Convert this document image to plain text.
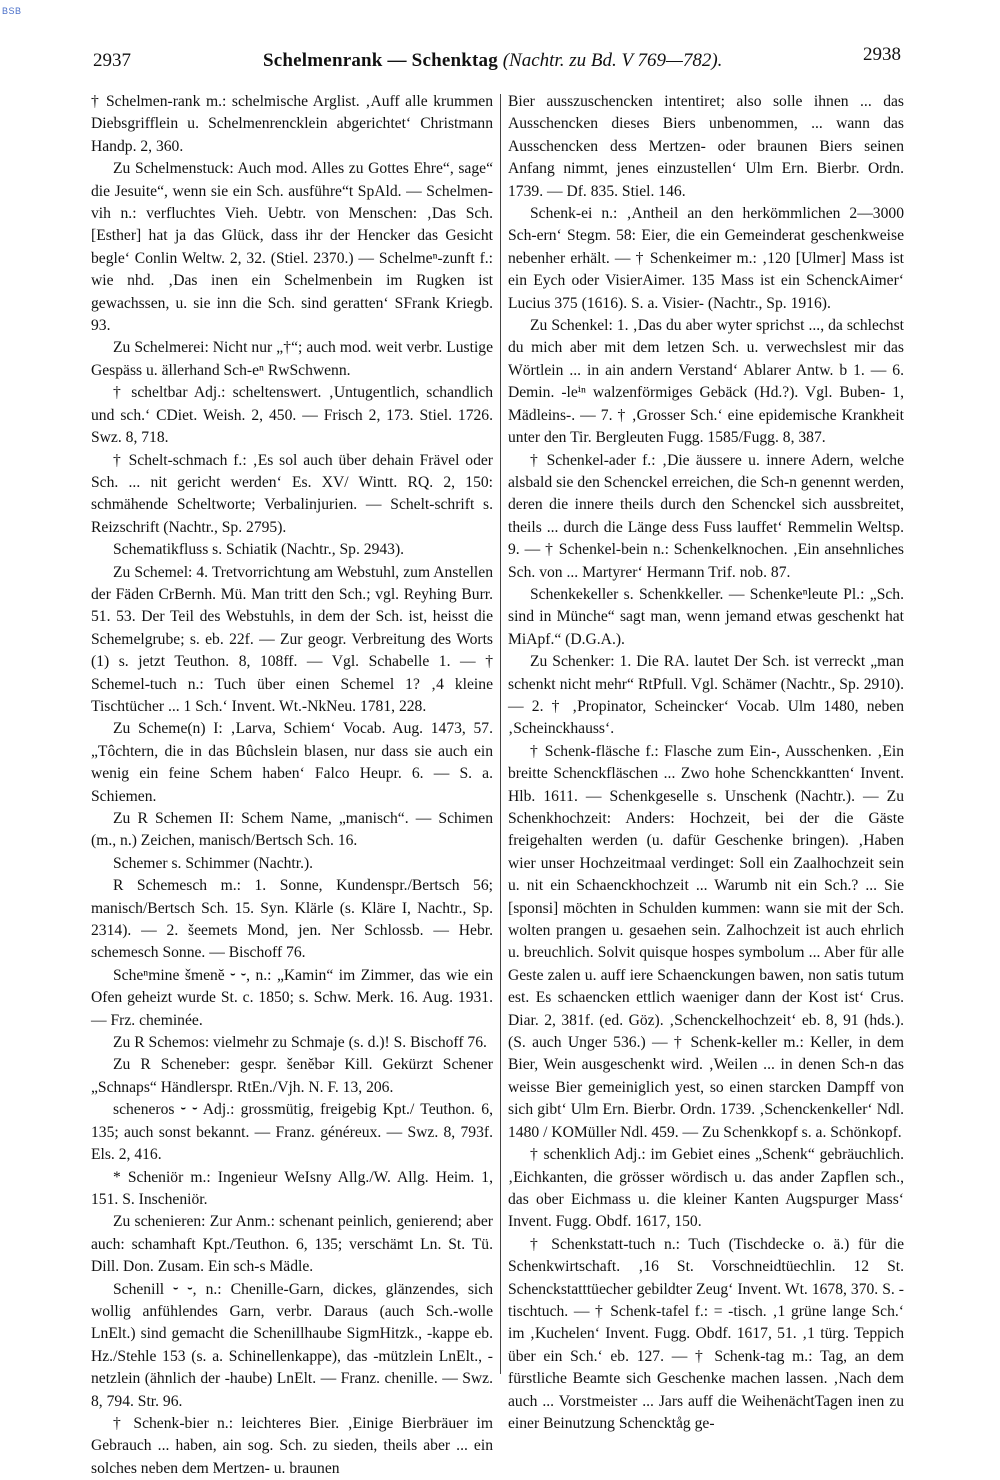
BSB
2937	Schelmenrank — Schenktag (Nachtr. zu Bd. V 769—782).	2938

† Schelmen-rank m.: schelmische Arglist. ‚Auff alle krummen Diebsgrifflein u. Schelmenrencklein abgerichtet‘ Christmann Handp. 2, 360.

Zu Schelmenstuck: Auch mod. Alles zu Gottes Ehre“, sage“ die Jesuite“, wenn sie ein Sch. ausführe“t SpAld. — Schelmen-vih n.: verfluchtes Vieh. Uebtr. von Menschen: ‚Das Sch. [Esther] hat ja das Glück, dass ihr der Hencker das Gesicht begle‘ Conlin Weltw. 2, 32. (Stiel. 2370.) — Schelmeⁿ-zunft f.: wie nhd. ‚Das inen ein Schelmenbein im Rugken ist gewachssen, u. sie inn die Sch. sind geratten‘ SFrank Kriegb. 93.

Zu Schelmerei: Nicht nur „†“; auch mod. weit verbr. Lustige Gespäss u. ällerhand Sch-eⁿ RwSchwenn.

† scheltbar Adj.: scheltenswert. ‚Untugentlich, schandlich und sch.‘ CDiet. Weish. 2, 450. — Frisch 2, 173. Stiel. 1726. Swz. 8, 718.

† Schelt-schmach f.: ‚Es sol auch über dehain Frävel oder Sch. ... nit gericht werden‘ Es. XV/ Wintt. RQ. 2, 150: schmähende Scheltworte; Verbalinjurien. — Schelt-schrift s. Reizschrift (Nachtr., Sp. 2795).

Schematikfluss s. Schiatik (Nachtr., Sp. 2943).

Zu Schemel: 4. Tretvorrichtung am Webstuhl, zum Anstellen der Fäden CrBernh. Mü. Man tritt den Sch.; vgl. Reyhing Burr. 51. 53. Der Teil des Webstuhls, in dem der Sch. ist, heisst die Schemelgrube; s. eb. 22f. — Zur geogr. Verbreitung des Worts (1) s. jetzt Teuthon. 8, 108ff. — Vgl. Schabelle 1. — † Schemel-tuch n.: Tuch über einen Schemel 1? ‚4 kleine Tischtücher ... 1 Sch.‘ Invent. Wt.-NkNeu. 1781, 228.

Zu Scheme(n) I: ‚Larva, Schiem‘ Vocab. Aug. 1473, 57. „Tôchtern, die in das Bûchslein blasen, nur dass sie auch ein wenig ein feine Schem haben‘ Falco Heupr. 6. — S. a. Schiemen.

Zu R Schemen II: Schem Name, „manisch“. — Schimen (m., n.) Zeichen, manisch/Bertsch Sch. 16.

Schemer s. Schimmer (Nachtr.).

R Schemesch m.: 1. Sonne, Kundenspr./Bertsch 56; manisch/Bertsch Sch. 15. Syn. Klärle (s. Kläre I, Nachtr., Sp. 2314). — 2. šeemets Mond, jen. Ner Schlossb. — Hebr. schemesch Sonne. — Bischoff 76.

Scheⁿmine šmenĕ ⏑ ⏑, n.: „Kamin“ im Zimmer, das wie ein Ofen geheizt wurde St. c. 1850; s. Schw. Merk. 16. Aug. 1931. — Frz. cheminée.

Zu R Schemos: vielmehr zu Schmaje (s. d.)! S. Bischoff 76.

Zu R Scheneber: gespr. šenĕbər Kill. Gekürzt Schener „Schnaps“ Händlerspr. RtEn./Vjh. N. F. 13, 206.

scheneros ⏑ ⏑ Adj.: grossmütig, freigebig Kpt./ Teuthon. 6, 135; auch sonst bekannt. — Franz. généreux. — Swz. 8, 793f. Els. 2, 416.

* Scheniör m.: Ingenieur WeIsny Allg./W. Allg. Heim. 1, 151. S. Inscheniör.

Zu schenieren: Zur Anm.: schenant peinlich, genierend; aber auch: schamhaft Kpt./Teuthon. 6, 135; verschämt Ln. St. Tü. Dill. Don. Zusam. Ein sch-s Mädle.

Schenill ⏑ ⏑, n.: Chenille-Garn, dickes, glänzendes, sich wollig anfühlendes Garn, verbr. Daraus (auch Sch.-wolle LnElt.) sind gemacht die Schenillhaube SigmHitzk., -kappe eb. Hz./Stehle 153 (s. a. Schinellenkappe), das -mützlein LnElt., -netzlein (ähnlich der -haube) LnElt. — Franz. chenille. — Swz. 8, 794. Str. 96.

† Schenk-bier n.: leichteres Bier. ‚Einige Bierbräuer im Gebrauch ... haben, ain sog. Sch. zu sieden, theils aber ... ein solches neben dem Mertzen- u. braunen

Bier ausszuschencken intentiret; also solle ihnen ... das Ausschencken dieses Biers unbenommen, ... wann das Ausschencken dess Mertzen- oder braunen Biers seinen Anfang nimmt, jenes einzustellen‘ Ulm Ern. Bierbr. Ordn. 1739. — Df. 835. Stiel. 146.

Schenk-ei n.: ‚Antheil an den herkömmlichen 2—3000 Sch-ern‘ Stegm. 58: Eier, die ein Gemeinderat geschenkweise nebenher erhält. — † Schenkeimer m.: ‚120 [Ulmer] Mass ist ein Eych oder VisierAimer. 135 Mass ist ein SchenckAimer‘ Lucius 375 (1616). S. a. Visier- (Nachtr., Sp. 1916).

Zu Schenkel: 1. ‚Das du aber wyter sprichst ..., da schlechst du mich aber mit dem letzen Sch. u. verwechslest mir das Wörtlein ... in ain andern Verstand‘ Ablarer Antw. b 1. — 6. Demin. -leⁱⁿ walzenförmiges Gebäck (Hd.?). Vgl. Buben- 1, Mädleins-. — 7. † ‚Grosser Sch.‘ eine epidemische Krankheit unter den Tir. Bergleuten Fugg. 1585/Fugg. 8, 387.

† Schenkel-ader f.: ‚Die äussere u. innere Adern, welche alsbald sie den Schenckel erreichen, die Sch-n genennt werden, deren die innere theils durch den Schenckel sich aussbreitet, theils ... durch die Länge dess Fuss lauffet‘ Remmelin Weltsp. 9. — † Schenkel-bein n.: Schenkelknochen. ‚Ein ansehnliches Sch. von ... Martyrer‘ Hermann Trif. nob. 87.

Schenkekeller s. Schenkkeller. — Schenkeⁿleute Pl.: „Sch. sind in Münche“ sagt man, wenn jemand etwas geschenkt hat MiApf.“ (D.G.A.).

Zu Schenker: 1. Die RA. lautet Der Sch. ist verreckt „man schenkt nicht mehr“ RtPfull. Vgl. Schämer (Nachtr., Sp. 2910). — 2. † ‚Propinator, Scheincker‘ Vocab. Ulm 1480, neben ‚Scheinckhauss‘.

† Schenk-fläsche f.: Flasche zum Ein-, Ausschenken. ‚Ein breitte Schenckfläschen ... Zwo hohe Schenckkantten‘ Invent. Hlb. 1611. — Schenkgeselle s. Unschenk (Nachtr.). — Zu Schenkhochzeit: Anders: Hochzeit, bei der die Gäste freigehalten werden (u. dafür Geschenke bringen). ‚Haben wier unser Hochzeitmaal verdinget: Soll ein Zaalhochzeit sein u. nit ein Schaenckhochzeit ... Warumb nit ein Sch.? ... Sie [sponsi] möchten in Schulden kummen: wann sie mit der Sch. wolten prangen u. gesaehen sein. Zalhochzeit ist auch ehrlich u. breuchlich. Solvit quisque hospes symbolum ... Aber für alle Geste zalen u. auff iere Schaenckungen bawen, non satis tutum est. Es schaencken ettlich waeniger dann der Kost ist‘ Crus. Diar. 2, 381f. (ed. Göz). ‚Schenckelhochzeit‘ eb. 8, 91 (hds.). (S. auch Unger 536.) — † Schenk-keller m.: Keller, in dem Bier, Wein ausgeschenkt wird. ‚Weilen ... in denen Sch-n das weisse Bier gemeiniglich yest, so einen starcken Dampff von sich gibt‘ Ulm Ern. Bierbr. Ordn. 1739. ‚Schenckenkeller‘ Ndl. 1480 / KOMüller Ndl. 459. — Zu Schenkkopf s. a. Schönkopf.

† schenklich Adj.: im Gebiet eines „Schenk“ gebräuchlich. ‚Eichkanten, die grösser wördisch u. das ander Zapflen sch., das ober Eichmass u. die kleiner Kanten Augspurger Mass‘ Invent. Fugg. Obdf. 1617, 150.

† Schenkstatt-tuch n.: Tuch (Tischdecke o. ä.) für die Schenkwirtschaft. ‚16 St. Vorschneidtüechlin. 12 St. Schenckstatttüecher gebildter Zeug‘ Invent. Wt. 1678, 370. S. -tischtuch. — † Schenk-tafel f.: = -tisch. ‚1 grüne lange Sch.‘ im ‚Kuchelen‘ Invent. Fugg. Obdf. 1617, 51. ‚1 türg. Teppich über ein Sch.‘ eb. 127. — † Schenk-tag m.: Tag, an dem fürstliche Beamte sich Geschenke machen lassen. ‚Nach dem auch ... Vorstmeister ... Jars auff die WeihenächtTagen inen zu einer Beinutzung Schencktåg ge-
